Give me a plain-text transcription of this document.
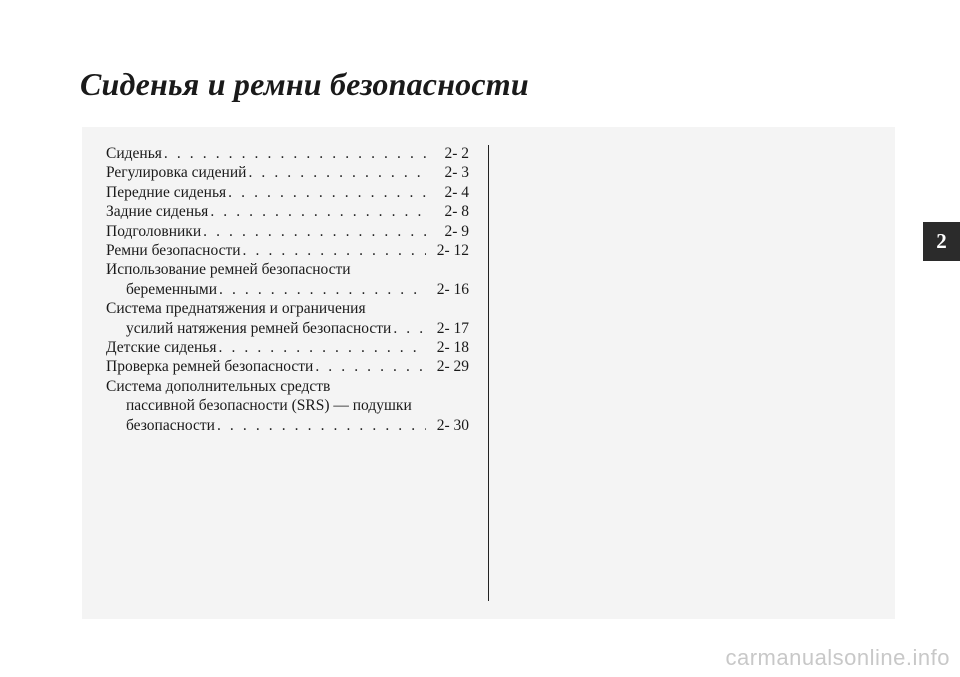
Сиденья и ремни безопасности
Сиденья . . .	2- 2
Регулировка сидений . . .	2- 3
Передние сиденья . . .	2- 4
Задние сиденья . . .	2- 8
Подголовники . . .	2- 9
Ремни безопасности . . .	2- 12
Использование ремней безопасности
беременными . . .	2- 16
Система преднатяжения и ограничения
усилий натяжения ремней безопасности . . .	2- 17
Детские сиденья . . .	2- 18
Проверка ремней безопасности . . .	2- 29
Система дополнительных средств
пассивной безопасности (SRS) — подушки
безопасности . . .	2- 30
2
carmanualsonline.info
